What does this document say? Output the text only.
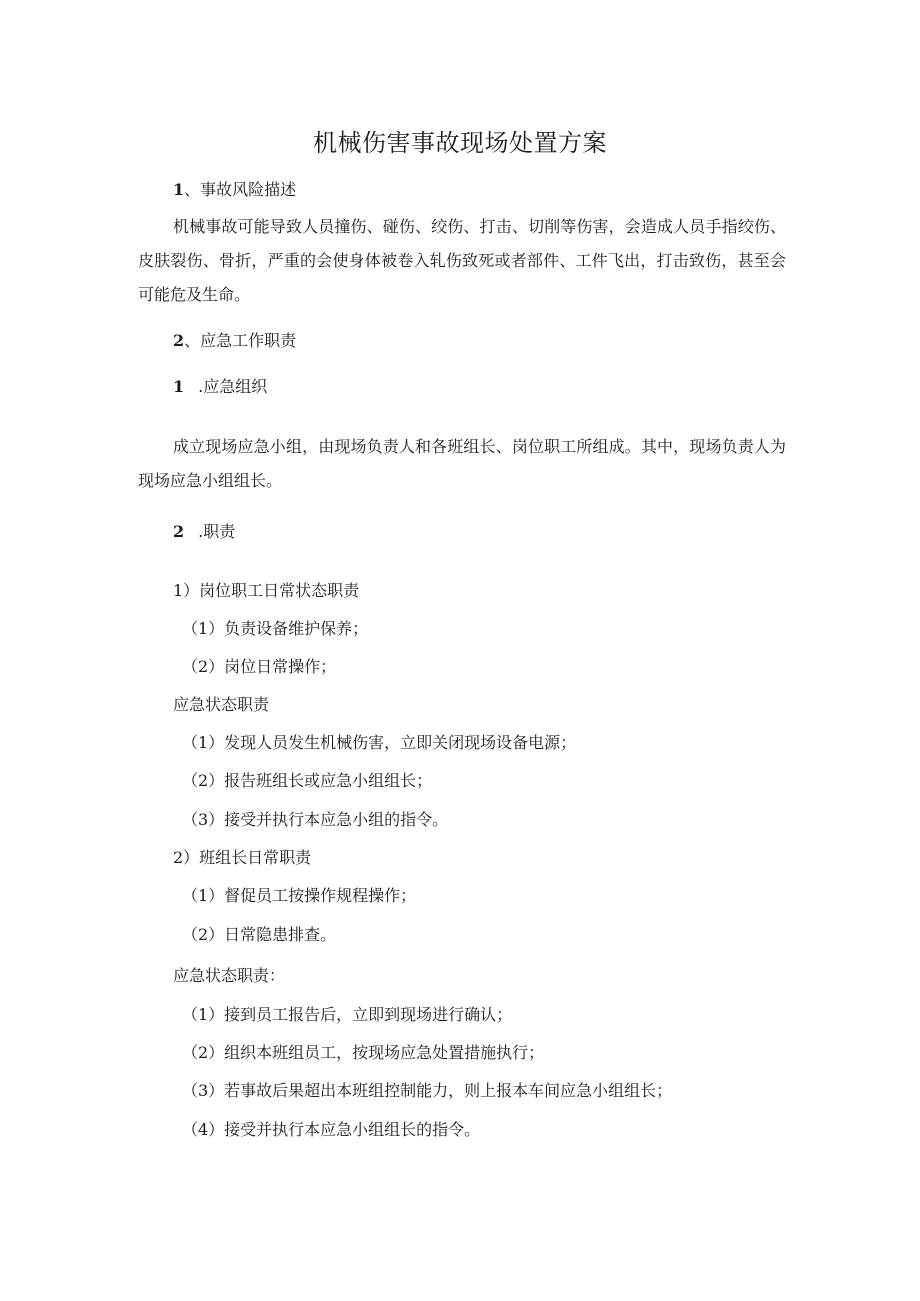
机械伤害事故现场处置方案
1、事故风险描述
机械事故可能导致人员撞伤、碰伤、绞伤、打击、切削等伤害，会造成人员手指绞伤、皮肤裂伤、骨折，严重的会使身体被卷入轧伤致死或者部件、工件飞出，打击致伤，甚至会可能危及生命。
2、应急工作职责
1 .应急组织
成立现场应急小组，由现场负责人和各班组长、岗位职工所组成。其中，现场负责人为现场应急小组组长。
2 .职责
1）岗位职工日常状态职责
（1）负责设备维护保养；
（2）岗位日常操作；
应急状态职责
（1）发现人员发生机械伤害，立即关闭现场设备电源；
（2）报告班组长或应急小组组长；
（3）接受并执行本应急小组的指令。
2）班组长日常职责
（1）督促员工按操作规程操作；
（2）日常隐患排查。
应急状态职责：
（1）接到员工报告后，立即到现场进行确认；
（2）组织本班组员工，按现场应急处置措施执行；
（3）若事故后果超出本班组控制能力，则上报本车间应急小组组长；
（4）接受并执行本应急小组组长的指令。
